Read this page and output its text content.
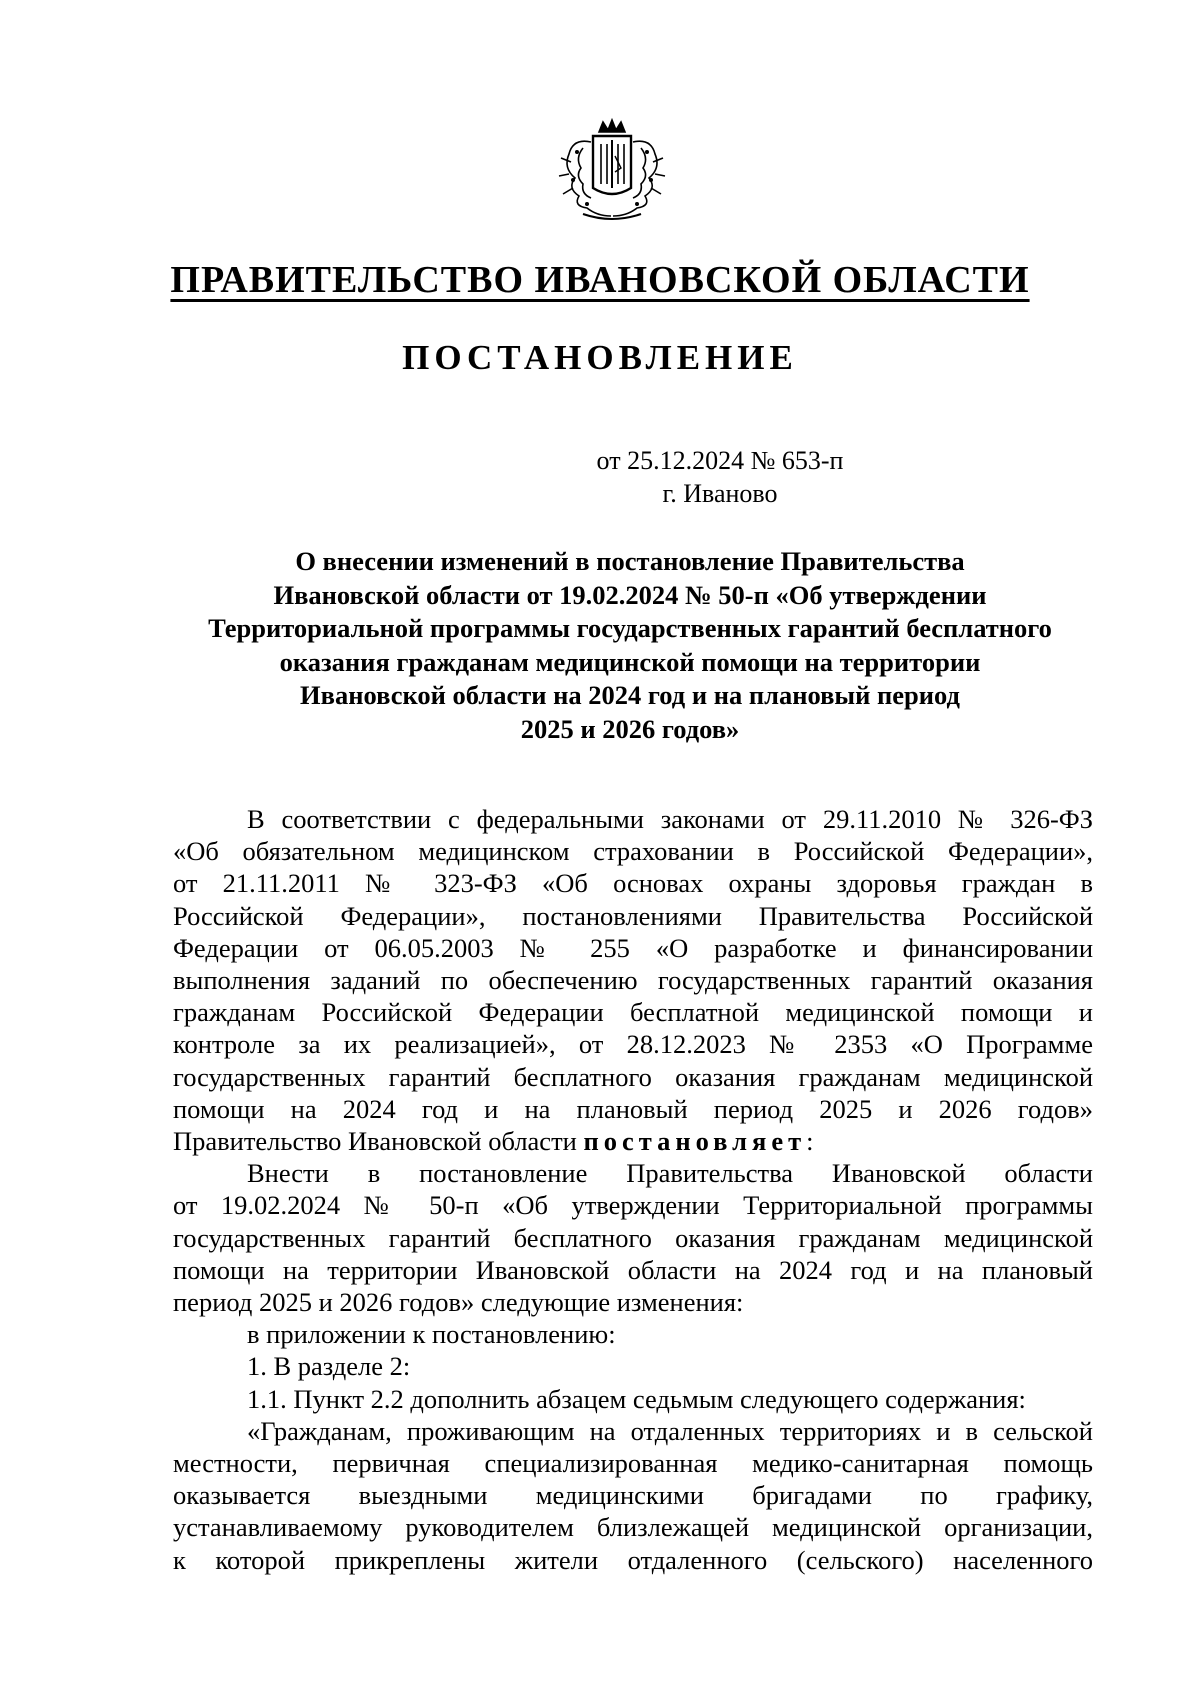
ПРАВИТЕЛЬСТВО ИВАНОВСКОЙ ОБЛАСТИ
ПОСТАНОВЛЕНИЕ
от 25.12.2024 № 653-п
г. Иваново
О внесении изменений в постановление Правительства
Ивановской области от 19.02.2024 № 50-п «Об утверждении
Территориальной программы государственных гарантий бесплатного
оказания гражданам медицинской помощи на территории
Ивановской области на 2024 год и на плановый период
2025 и 2026 годов»

В соответствии с федеральными законами от 29.11.2010 № 326-ФЗ

«Об обязательном медицинском страховании в Российской Федерации»,

от 21.11.2011 № 323-ФЗ «Об основах охраны здоровья граждан в

Российской Федерации», постановлениями Правительства Российской

Федерации от 06.05.2003 № 255 «О разработке и финансировании

выполнения заданий по обеспечению государственных гарантий оказания

гражданам Российской Федерации бесплатной медицинской помощи и

контроле за их реализацией», от 28.12.2023 № 2353 «О Программе

государственных гарантий бесплатного оказания гражданам медицинской

помощи на 2024 год и на плановый период 2025 и 2026 годов»

Правительство Ивановской области постановляет:

Внести в постановление Правительства Ивановской области

от 19.02.2024 № 50-п «Об утверждении Территориальной программы

государственных гарантий бесплатного оказания гражданам медицинской

помощи на территории Ивановской области на 2024 год и на плановый

период 2025 и 2026 годов» следующие изменения:

в приложении к постановлению:

1. В разделе 2:

1.1. Пункт 2.2 дополнить абзацем седьмым следующего содержания:

«Гражданам, проживающим на отдаленных территориях и в сельской

местности, первичная специализированная медико-санитарная помощь

оказывается выездными медицинскими бригадами по графику,

устанавливаемому руководителем близлежащей медицинской организации,

к которой прикреплены жители отдаленного (сельского) населенного
